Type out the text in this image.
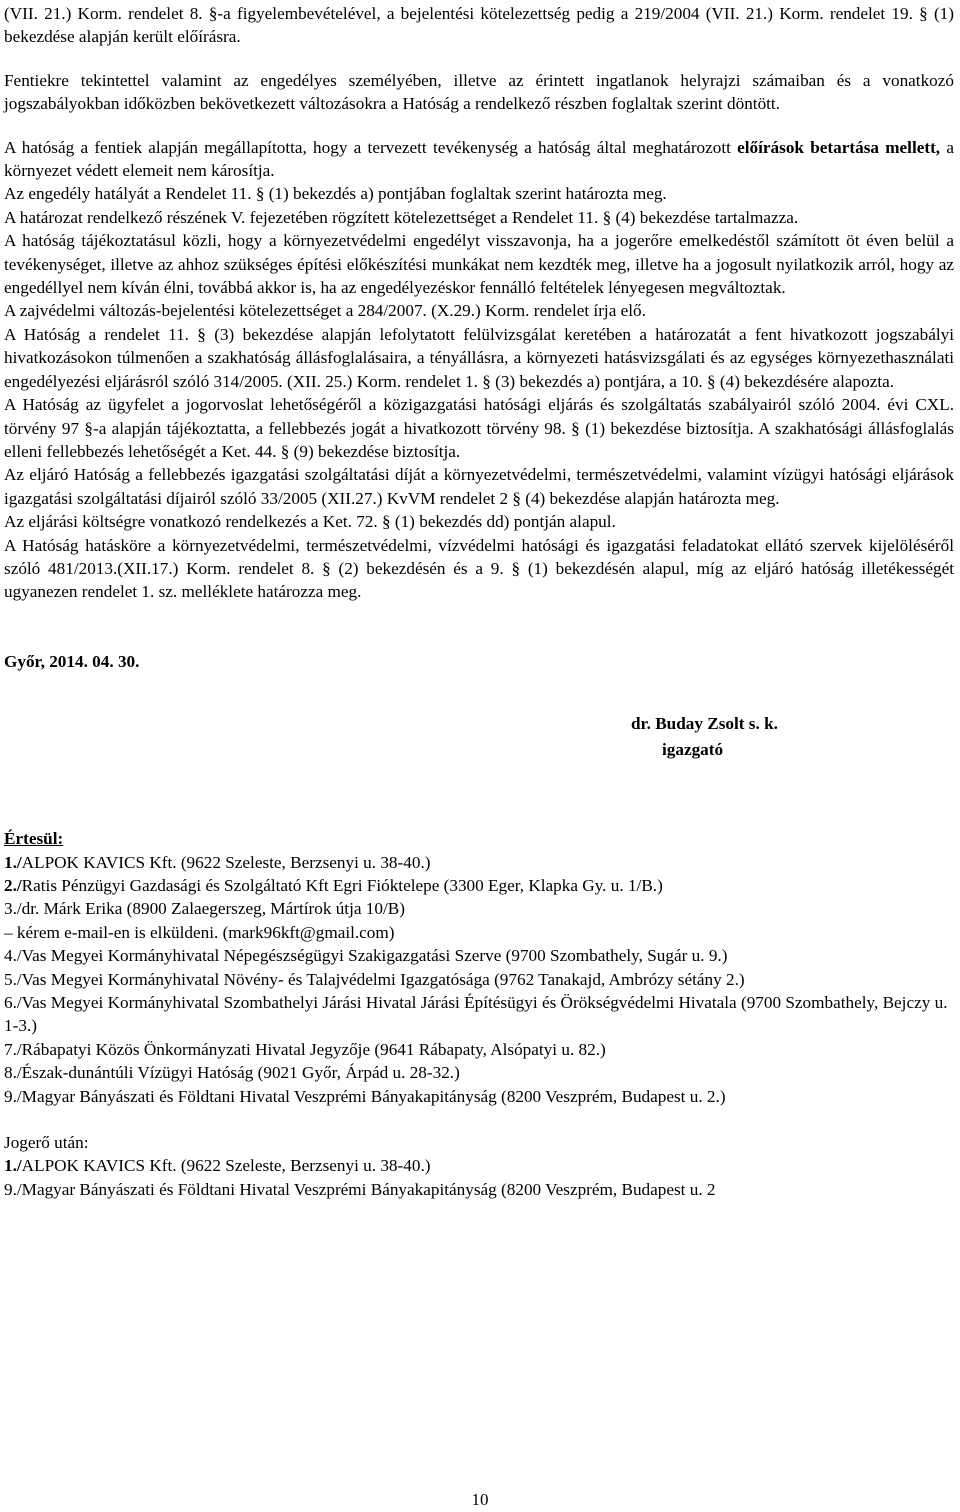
(VII. 21.) Korm. rendelet 8. §-a figyelembevételével, a bejelentési kötelezettség pedig a 219/2004 (VII. 21.) Korm. rendelet 19. § (1) bekezdése alapján került előírásra.

Fentiekre tekintettel valamint az engedélyes személyében, illetve az érintett ingatlanok helyrajzi számaiban és a vonatkozó jogszabályokban időközben bekövetkezett változásokra a Hatóság a rendelkező részben foglaltak szerint döntött.

A hatóság a fentiek alapján megállapította, hogy a tervezett tevékenység a hatóság által meghatározott előírások betartása mellett, a környezet védett elemeit nem károsítja.

Az engedély hatályát a Rendelet 11. § (1) bekezdés a) pontjában foglaltak szerint határozta meg.

A határozat rendelkező részének V. fejezetében rögzített kötelezettséget a Rendelet 11. § (4) bekezdése tartalmazza.

A hatóság tájékoztatásul közli, hogy a környezetvédelmi engedélyt visszavonja, ha a jogerőre emelkedéstől számított öt éven belül a tevékenységet, illetve az ahhoz szükséges építési előkészítési munkákat nem kezdték meg, illetve ha a jogosult nyilatkozik arról, hogy az engedéllyel nem kíván élni, továbbá akkor is, ha az engedélyezéskor fennálló feltételek lényegesen megváltoztak.

A zajvédelmi változás-bejelentési kötelezettséget a 284/2007. (X.29.) Korm. rendelet írja elő.

A Hatóság a rendelet 11. § (3) bekezdése alapján lefolytatott felülvizsgálat keretében a határozatát a fent hivatkozott jogszabályi hivatkozásokon túlmenően a szakhatóság állásfoglalásaira, a tényállásra, a környezeti hatásvizsgálati és az egységes környezethasználati engedélyezési eljárásról szóló 314/2005. (XII. 25.) Korm. rendelet 1. § (3) bekezdés a) pontjára, a 10. § (4) bekezdésére alapozta.

A Hatóság az ügyfelet a jogorvoslat lehetőségéről a közigazgatási hatósági eljárás és szolgáltatás szabályairól szóló 2004. évi CXL. törvény 97 §-a alapján tájékoztatta, a fellebbezés jogát a hivatkozott törvény 98. § (1) bekezdése biztosítja. A szakhatósági állásfoglalás elleni fellebbezés lehetőségét a Ket. 44. § (9) bekezdése biztosítja.

Az eljáró Hatóság a fellebbezés igazgatási szolgáltatási díját a környezetvédelmi, természetvédelmi, valamint vízügyi hatósági eljárások igazgatási szolgáltatási díjairól szóló 33/2005 (XII.27.) KvVM rendelet 2 § (4) bekezdése alapján határozta meg.

Az eljárási költségre vonatkozó rendelkezés a Ket. 72. § (1) bekezdés dd) pontján alapul.

A Hatóság hatásköre a környezetvédelmi, természetvédelmi, vízvédelmi hatósági és igazgatási feladatokat ellátó szervek kijelöléséről szóló 481/2013.(XII.17.) Korm. rendelet 8. § (2) bekezdésén és a 9. § (1) bekezdésén alapul, míg az eljáró hatóság illetékességét ugyanezen rendelet 1. sz. melléklete határozza meg.

Győr, 2014. 04. 30.
dr. Buday Zsolt s. k.
igazgató
Értesül:
1./ALPOK KAVICS Kft. (9622 Szeleste, Berzsenyi u. 38-40.)
2./Ratis Pénzügyi Gazdasági és Szolgáltató Kft Egri Fióktelepe (3300 Eger, Klapka Gy. u. 1/B.)
3./dr. Márk Erika (8900 Zalaegerszeg, Mártírok útja 10/B)
– kérem e-mail-en is elküldeni. (mark96kft@gmail.com)
4./Vas Megyei Kormányhivatal Népegészségügyi Szakigazgatási Szerve (9700 Szombathely, Sugár u. 9.)
5./Vas Megyei Kormányhivatal Növény- és Talajvédelmi Igazgatósága (9762 Tanakajd, Ambrózy sétány 2.)
6./Vas Megyei Kormányhivatal Szombathelyi Járási Hivatal Járási Építésügyi és Örökségvédelmi Hivatala (9700 Szombathely, Bejczy u. 1-3.)
7./Rábapatyi Közös Önkormányzati Hivatal Jegyzője (9641 Rábapaty, Alsópatyi u. 82.)
8./Észak-dunántúli Vízügyi Hatóság (9021 Győr, Árpád u. 28-32.)
9./Magyar Bányászati és Földtani Hivatal Veszprémi Bányakapitányság (8200 Veszprém, Budapest u. 2.)
Jogerő után:
1./ALPOK KAVICS Kft. (9622 Szeleste, Berzsenyi u. 38-40.)
9./Magyar Bányászati és Földtani Hivatal Veszprémi Bányakapitányság (8200 Veszprém, Budapest u. 2
10
